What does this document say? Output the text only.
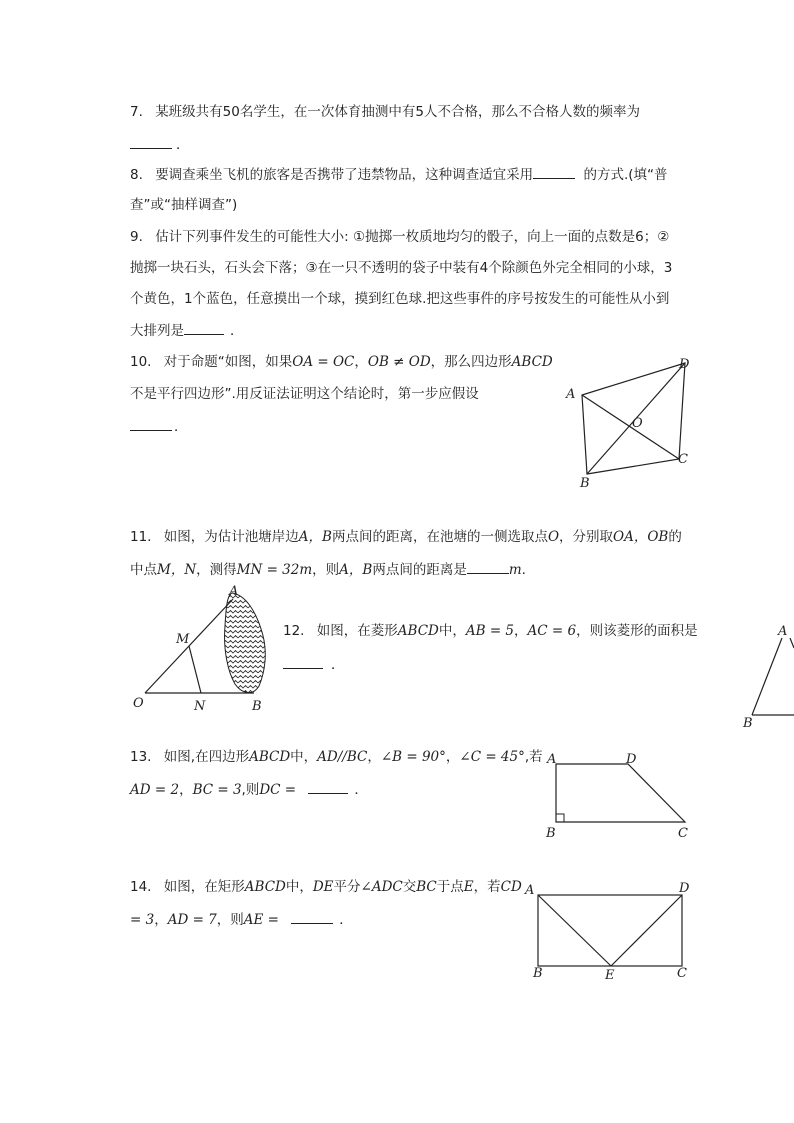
7. 某班级共有50名学生，在一次体育抽测中有5人不合格，那么不合格人数的频率为
．
8. 要调查乘坐飞机的旅客是否携带了违禁物品，这种调查适宜采用	的方式.(填“普
查”或“抽样调查”)
9. 估计下列事件发生的可能性大小: ①抛掷一枚质地均匀的骰子，向上一面的点数是6；②
抛掷一块石头，石头会下落；③在一只不透明的袋子中装有4个除颜色外完全相同的小球，3
个黄色，1个蓝色，任意摸出一个球，摸到红色球.把这些事件的序号按发生的可能性从小到
大排列是	．
10. 对于命题“如图，如果OA = OC，OB ≠ OD，那么四边形ABCD
不是平行四边形”.用反证法证明这个结论时，第一步应假设
．
A
D
O
C
B
11. 如图，为估计池塘岸边A，B两点间的距离，在池塘的一侧选取点O，分别取OA，OB的
中点M，N，测得MN = 32m，则A，B两点间的距离是	m.
A
M
O	N	B
12. 如图，在菱形ABCD中，AB = 5，AC = 6，则该菱形的面积是
．
A
B
13. 如图,在四边形ABCD中，AD//BC，∠B = 90°，∠C = 45°,若
AD = 2，BC = 3,则DC =	．
A	D
B	C
14. 如图，在矩形ABCD中，DE平分∠ADC交BC于点E，若CD
= 3，AD = 7，则AE =	．
A	D
B	E	C
